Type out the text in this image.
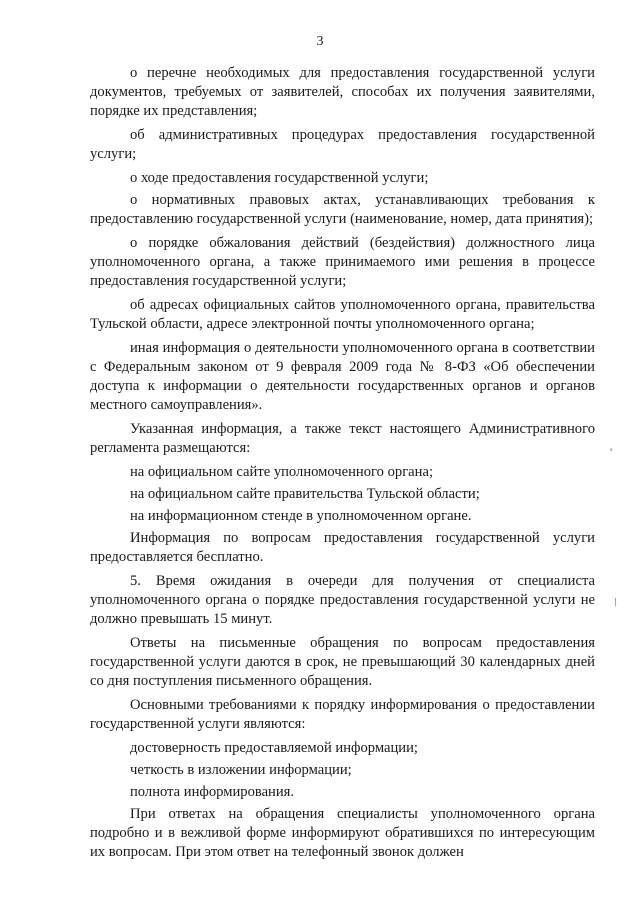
3

о перечне необходимых для предоставления государственной услуги документов, требуемых от заявителей, способах их получения заявителями, порядке их представления;

об административных процедурах предоставления государственной услуги;

о ходе предоставления государственной услуги;

о нормативных правовых актах, устанавливающих требования к предоставлению государственной услуги (наименование, номер, дата принятия);

о порядке обжалования действий (бездействия) должностного лица уполномоченного органа, а также принимаемого ими решения в процессе предоставления государственной услуги;

об адресах официальных сайтов уполномоченного органа, правительства Тульской области, адресе электронной почты уполномоченного органа;

иная информация о деятельности уполномоченного органа в соответствии с Федеральным законом от 9 февраля 2009 года № 8-ФЗ «Об обеспечении доступа к информации о деятельности государственных органов и органов местного самоуправления».

Указанная информация, а также текст настоящего Административного регламента размещаются:

на официальном сайте уполномоченного органа;

на официальном сайте правительства Тульской области;

на информационном стенде в уполномоченном органе.

Информация по вопросам предоставления государственной услуги предоставляется бесплатно.

5. Время ожидания в очереди для получения от специалиста уполномоченного органа о порядке предоставления государственной услуги не должно превышать 15 минут.

Ответы на письменные обращения по вопросам предоставления государственной услуги даются в срок, не превышающий 30 календарных дней со дня поступления письменного обращения.

Основными требованиями к порядку информирования о предоставлении государственной услуги являются:

достоверность предоставляемой информации;

четкость в изложении информации;

полнота информирования.

При ответах на обращения специалисты уполномоченного органа подробно и в вежливой форме информируют обратившихся по интересующим их вопросам. При этом ответ на телефонный звонок должен

'
/
